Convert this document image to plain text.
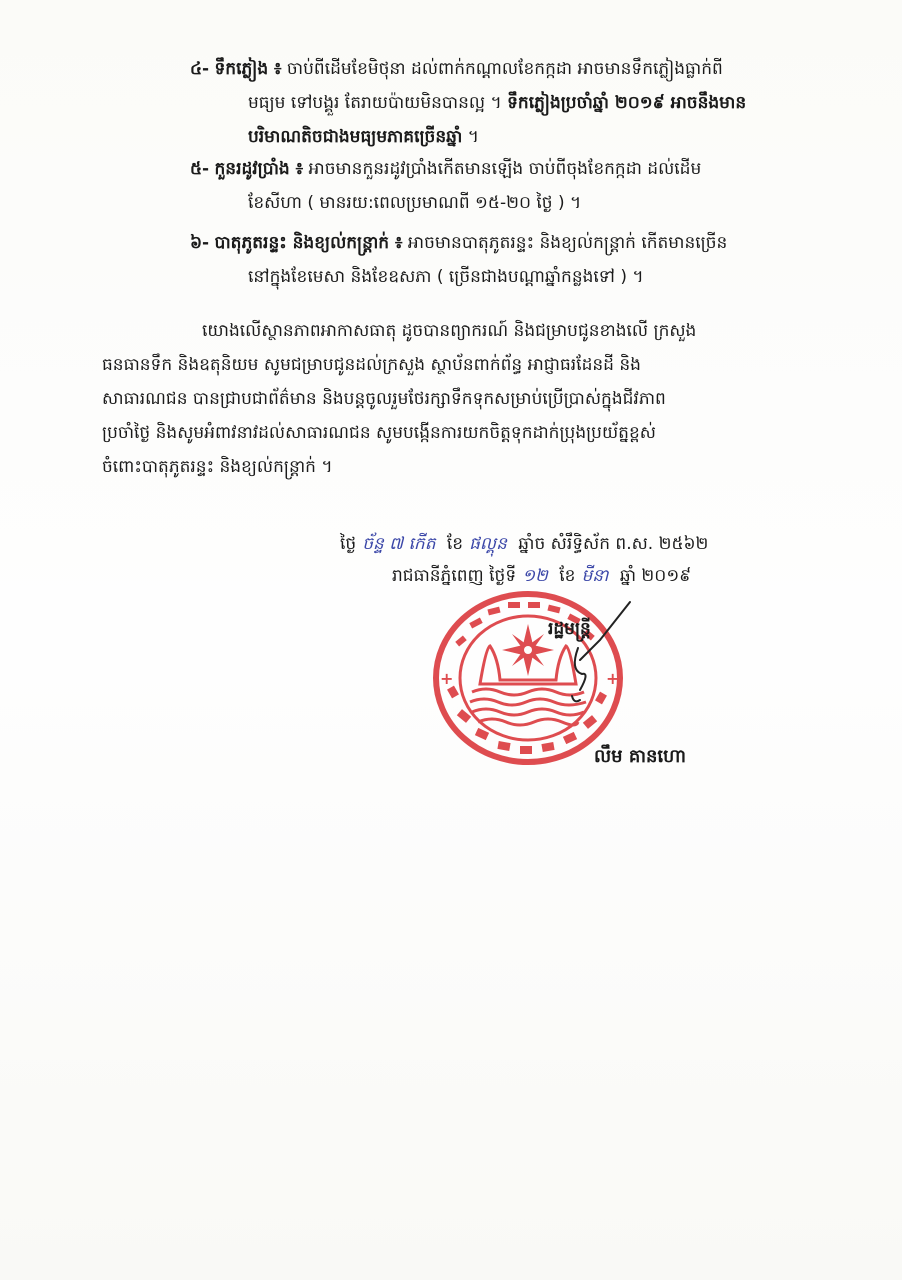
៤- ទឹកភ្លៀង ៖ ចាប់ពីដើមខែមិថុនា ដល់ពាក់កណ្ដាលខែកក្កដា អាចមានទឹកភ្លៀងធ្លាក់ពី
មធ្យម ទៅបង្គួរ តែរាយប៉ាយមិនបានល្អ ។ ទឹកភ្លៀងប្រចាំឆ្នាំ ២០១៩ អាចនឹងមាន
បរិមាណតិចជាងមធ្យមភាគច្រើនឆ្នាំ ។
៥- កួនរដូវប្រាំង ៖ អាចមានកួនរដូវប្រាំងកើតមានឡើង ចាប់ពីចុងខែកក្កដា ដល់ដើម
ខែសីហា ( មានរយ:ពេលប្រមាណពី ១៥-២០ ថ្ងៃ ) ។
៦- បាតុភូតរន្ទះ និងខ្យល់កន្ត្រាក់ ៖ អាចមានបាតុភូតរន្ទះ និងខ្យល់កន្ត្រាក់ កើតមានច្រើន
នៅក្នុងខែមេសា និងខែឧសភា ( ច្រើនជាងបណ្ដាឆ្នាំកន្លងទៅ ) ។
យោងលើស្ថានភាពអាកាសធាតុ ដូចបានព្យាករណ៍ និងជម្រាបជូនខាងលើ ក្រសួង
ធនធានទឹក និងឧតុនិយម សូមជម្រាបជូនដល់ក្រសួង ស្ថាប័នពាក់ព័ន្ធ អាជ្ញាធរដែនដី និង
សាធារណជន បានជ្រាបជាព័ត៌មាន និងបន្តចូលរួមថែរក្សាទឹកទុកសម្រាប់ប្រើប្រាស់ក្នុងជីវភាព
ប្រចាំថ្ងៃ និងសូមអំពាវនាវដល់សាធារណជន សូមបង្កើនការយកចិត្តទុកដាក់ប្រុងប្រយ័ត្នខ្ពស់
ចំពោះបាតុភូតរន្ទះ និងខ្យល់កន្ត្រាក់ ។
ថ្ងៃ ច័ន្ទ ៧ កើត ខែ ផល្គុន ឆ្នាំច សំរឹទ្ធិស័ក ព.ស. ២៥៦២
រាជធានីភ្នំពេញ ថ្ងៃទី ១២ ខែ មីនា ឆ្នាំ ២០១៩
+	+
រដ្ឋមន្ត្រី
លឹម គានហោ
